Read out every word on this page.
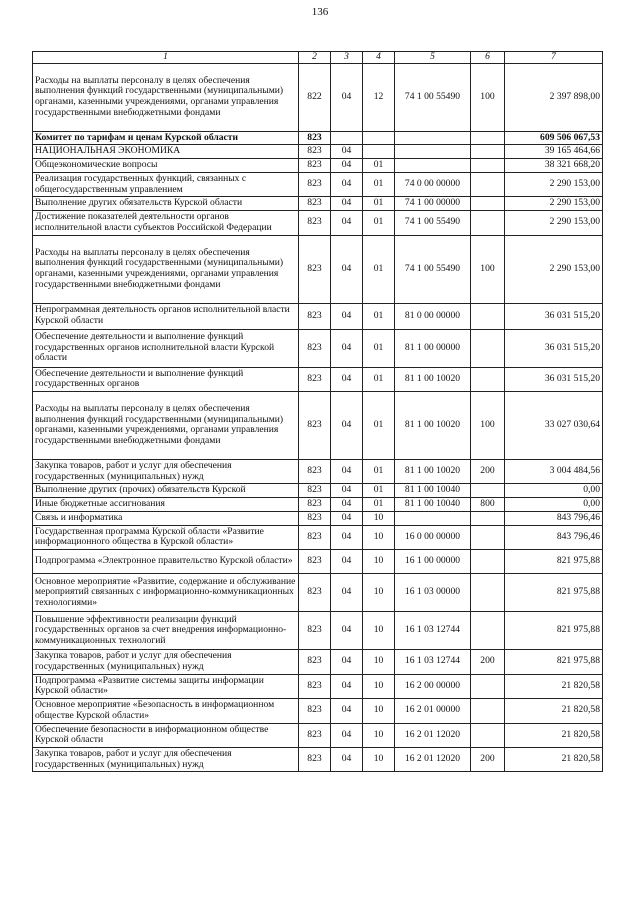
136
1	2	3	4	5	6	7
Расходы на выплаты персоналу в целях обеспечения выполнения функций государственными (муниципальными) органами, казенными учреждениями, органами управления государственными внебюджетными фондами	822	04	12	74 1 00 55490	100	2 397 898,00
Комитет по тарифам и ценам Курской области	823					609 506 067,53
НАЦИОНАЛЬНАЯ ЭКОНОМИКА	823	04				39 165 464,66
Общеэкономические вопросы	823	04	01			38 321 668,20
Реализация государственных функций, связанных с общегосударственным управлением	823	04	01	74 0 00 00000		2 290 153,00
Выполнение других обязательств Курской области	823	04	01	74 1 00 00000		2 290 153,00
Достижение показателей деятельности органов исполнительной власти субъектов Российской Федерации	823	04	01	74 1 00 55490		2 290 153,00
Расходы на выплаты персоналу в целях обеспечения выполнения функций государственными (муниципальными) органами, казенными учреждениями, органами управления государственными внебюджетными фондами	823	04	01	74 1 00 55490	100	2 290 153,00
Непрограммная деятельность органов исполнительной власти Курской области	823	04	01	81 0 00 00000		36 031 515,20
Обеспечение деятельности и выполнение функций государственных органов исполнительной власти Курской области	823	04	01	81 1 00 00000		36 031 515,20
Обеспечение деятельности и выполнение функций государственных органов	823	04	01	81 1 00 10020		36 031 515,20
Расходы на выплаты персоналу в целях обеспечения выполнения функций государственными (муниципальными) органами, казенными учреждениями, органами управления государственными внебюджетными фондами	823	04	01	81 1 00 10020	100	33 027 030,64
Закупка товаров, работ и услуг для обеспечения государственных (муниципальных) нужд	823	04	01	81 1 00 10020	200	3 004 484,56
Выполнение других (прочих) обязательств Курской	823	04	01	81 1 00 10040		0,00
Иные бюджетные ассигнования	823	04	01	81 1 00 10040	800	0,00
Связь и информатика	823	04	10			843 796,46
Государственная программа Курской области «Развитие информационного общества в Курской области»	823	04	10	16 0 00 00000		843 796,46
Подпрограмма «Электронное правительство Курской области»	823	04	10	16 1 00 00000		821 975,88
Основное мероприятие «Развитие, содержание и обслуживание мероприятий связанных с информационно-коммуникационных технологиями»	823	04	10	16 1 03 00000		821 975,88
Повышение эффективности реализации функций государственных органов за счет внедрения информационно-коммуникационных технологий	823	04	10	16 1 03 12744		821 975,88
Закупка товаров, работ и услуг для обеспечения государственных (муниципальных) нужд	823	04	10	16 1 03 12744	200	821 975,88
Подпрограмма «Развитие системы защиты информации Курской области»	823	04	10	16 2 00 00000		21 820,58
Основное мероприятие «Безопасность в информационном обществе Курской области»	823	04	10	16 2 01 00000		21 820,58
Обеспечение безопасности в информационном обществе Курской области	823	04	10	16 2 01 12020		21 820,58
Закупка товаров, работ и услуг для обеспечения государственных (муниципальных) нужд	823	04	10	16 2 01 12020	200	21 820,58
